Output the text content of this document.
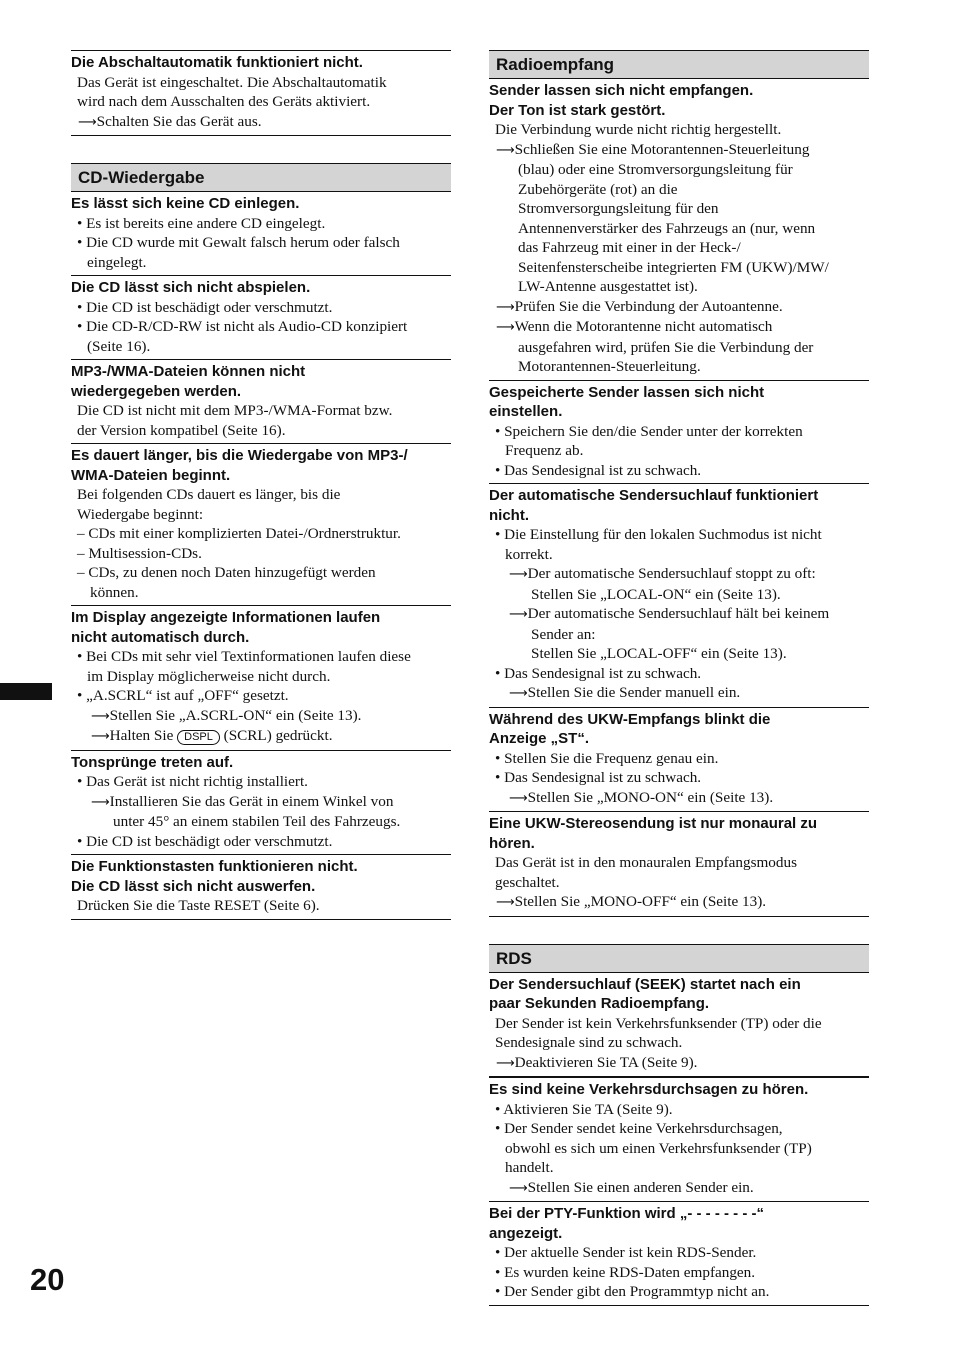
Die Abschaltautomatik funktioniert nicht.
Das Gerät ist eingeschaltet. Die Abschaltautomatik
wird nach dem Ausschalten des Geräts aktiviert.
⟶Schalten Sie das Gerät aus.
CD-Wiedergabe
Es lässt sich keine CD einlegen.
• Es ist bereits eine andere CD eingelegt.
• Die CD wurde mit Gewalt falsch herum oder falsch
eingelegt.
Die CD lässt sich nicht abspielen.
• Die CD ist beschädigt oder verschmutzt.
• Die CD-R/CD-RW ist nicht als Audio-CD konzipiert
(Seite 16).
MP3-/WMA-Dateien können nicht
wiedergegeben werden.
Die CD ist nicht mit dem MP3-/WMA-Format bzw.
der Version kompatibel (Seite 16).
Es dauert länger, bis die Wiedergabe von MP3-/
WMA-Dateien beginnt.
Bei folgenden CDs dauert es länger, bis die
Wiedergabe beginnt:
– CDs mit einer komplizierten Datei-/Ordnerstruktur.
– Multisession-CDs.
– CDs, zu denen noch Daten hinzugefügt werden
können.
Im Display angezeigte Informationen laufen
nicht automatisch durch.
• Bei CDs mit sehr viel Textinformationen laufen diese
im Display möglicherweise nicht durch.
• „A.SCRL“ ist auf „OFF“ gesetzt.
⟶Stellen Sie „A.SCRL-ON“ ein (Seite 13).
⟶Halten Sie DSPL (SCRL) gedrückt.
Tonsprünge treten auf.
• Das Gerät ist nicht richtig installiert.
⟶Installieren Sie das Gerät in einem Winkel von
unter 45° an einem stabilen Teil des Fahrzeugs.
• Die CD ist beschädigt oder verschmutzt.
Die Funktionstasten funktionieren nicht.
Die CD lässt sich nicht auswerfen.
Drücken Sie die Taste RESET (Seite 6).
Radioempfang
Sender lassen sich nicht empfangen.
Der Ton ist stark gestört.
Die Verbindung wurde nicht richtig hergestellt.
⟶Schließen Sie eine Motorantennen-Steuerleitung
(blau) oder eine Stromversorgungsleitung für
Zubehörgeräte (rot) an die
Stromversorgungsleitung für den
Antennenverstärker des Fahrzeugs an (nur, wenn
das Fahrzeug mit einer in der Heck-/
Seitenfensterscheibe integrierten FM (UKW)/MW/
LW-Antenne ausgestattet ist).
⟶Prüfen Sie die Verbindung der Autoantenne.
⟶Wenn die Motorantenne nicht automatisch
ausgefahren wird, prüfen Sie die Verbindung der
Motorantennen-Steuerleitung.
Gespeicherte Sender lassen sich nicht
einstellen.
• Speichern Sie den/die Sender unter der korrekten
Frequenz ab.
• Das Sendesignal ist zu schwach.
Der automatische Sendersuchlauf funktioniert
nicht.
• Die Einstellung für den lokalen Suchmodus ist nicht
korrekt.
⟶Der automatische Sendersuchlauf stoppt zu oft:
Stellen Sie „LOCAL-ON“ ein (Seite 13).
⟶Der automatische Sendersuchlauf hält bei keinem
Sender an:
Stellen Sie „LOCAL-OFF“ ein (Seite 13).
• Das Sendesignal ist zu schwach.
⟶Stellen Sie die Sender manuell ein.
Während des UKW-Empfangs blinkt die
Anzeige „ST“.
• Stellen Sie die Frequenz genau ein.
• Das Sendesignal ist zu schwach.
⟶Stellen Sie „MONO-ON“ ein (Seite 13).
Eine UKW-Stereosendung ist nur monaural zu
hören.
Das Gerät ist in den monauralen Empfangsmodus
geschaltet.
⟶Stellen Sie „MONO-OFF“ ein (Seite 13).
RDS
Der Sendersuchlauf (SEEK) startet nach ein
paar Sekunden Radioempfang.
Der Sender ist kein Verkehrsfunksender (TP) oder die
Sendesignale sind zu schwach.
⟶Deaktivieren Sie TA (Seite 9).
Es sind keine Verkehrsdurchsagen zu hören.
• Aktivieren Sie TA (Seite 9).
• Der Sender sendet keine Verkehrsdurchsagen,
obwohl es sich um einen Verkehrsfunksender (TP)
handelt.
⟶Stellen Sie einen anderen Sender ein.
Bei der PTY-Funktion wird „- - - - - - - -“
angezeigt.
• Der aktuelle Sender ist kein RDS-Sender.
• Es wurden keine RDS-Daten empfangen.
• Der Sender gibt den Programmtyp nicht an.
20
